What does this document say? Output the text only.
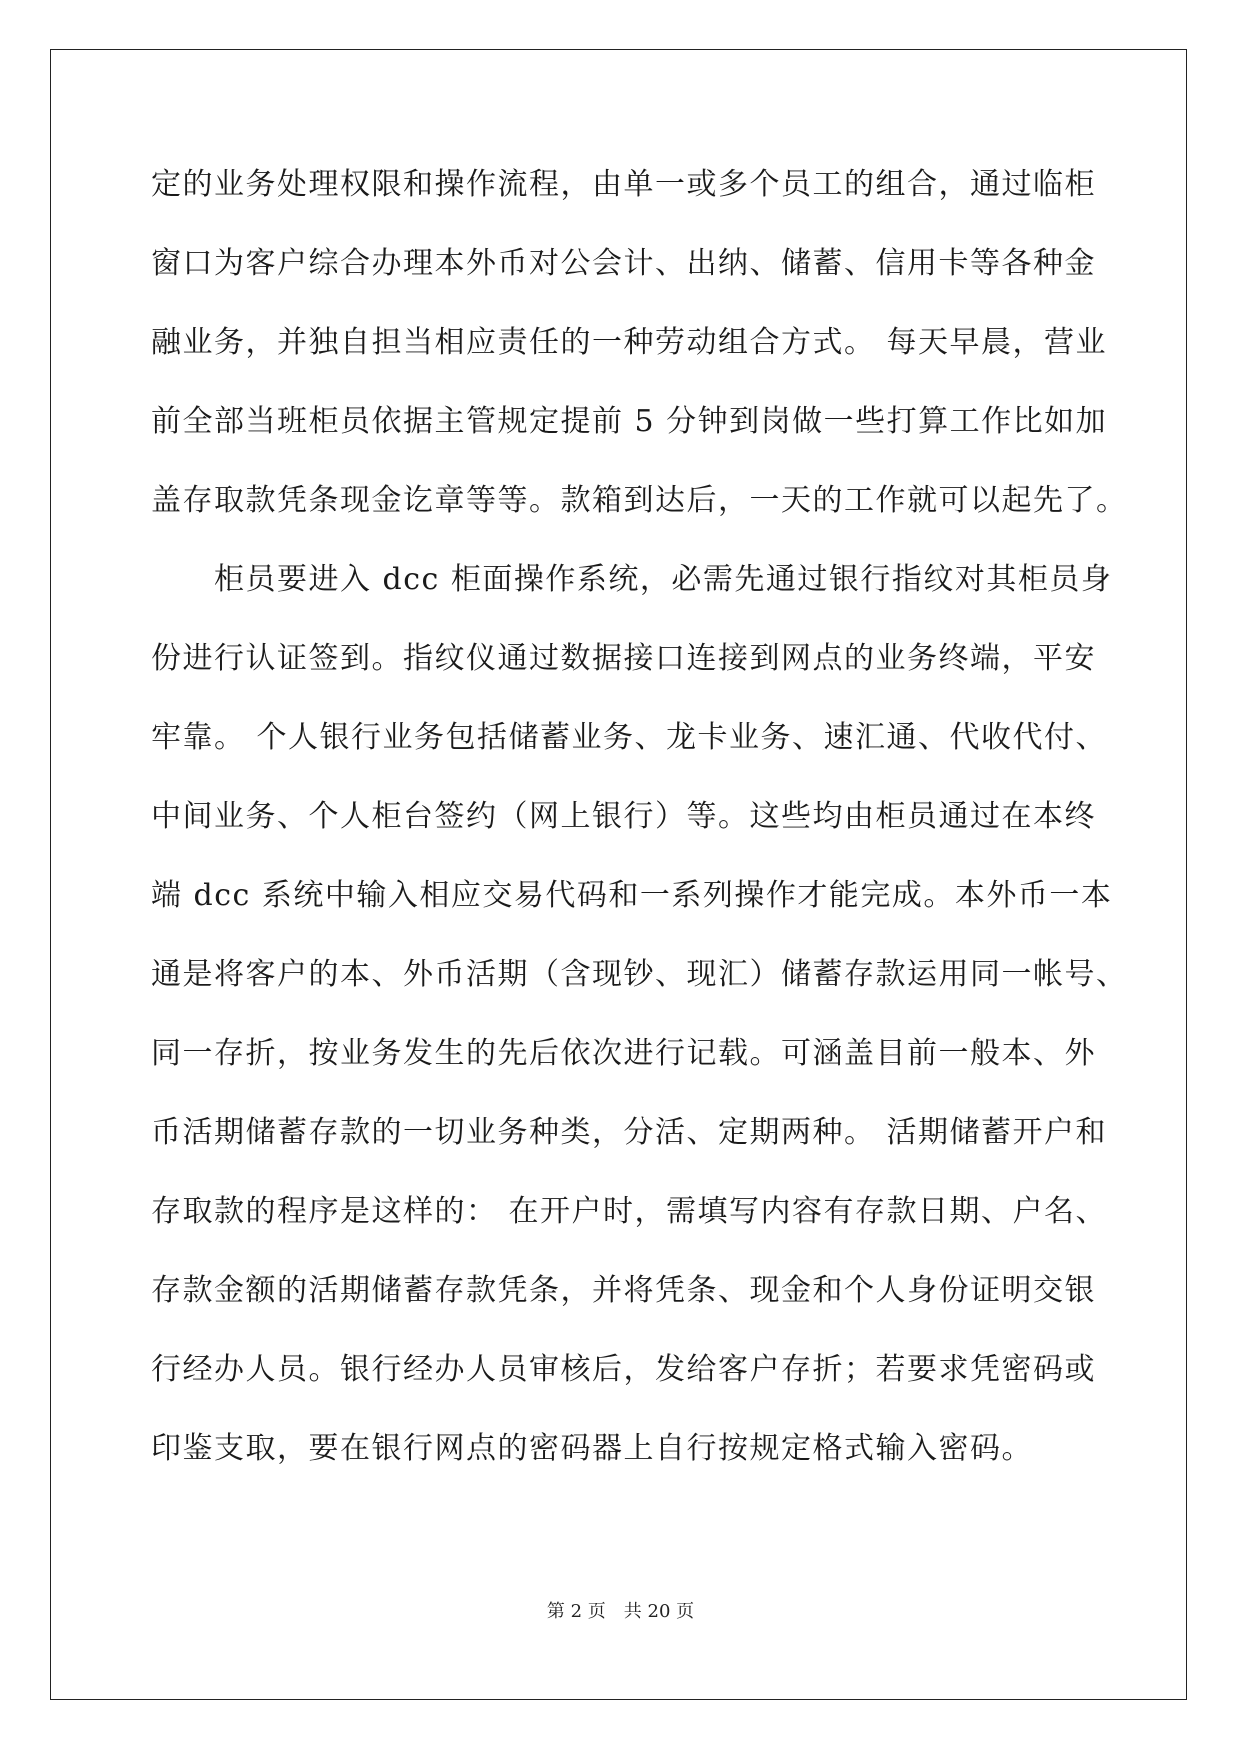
定的业务处理权限和操作流程，由单一或多个员工的组合，通过临柜
窗口为客户综合办理本外币对公会计、出纳、储蓄、信用卡等各种金
融业务，并独自担当相应责任的一种劳动组合方式。 每天早晨，营业
前全部当班柜员依据主管规定提前 5 分钟到岗做一些打算工作比如加
盖存取款凭条现金讫章等等。款箱到达后，一天的工作就可以起先了。
　　柜员要进入 dcc 柜面操作系统，必需先通过银行指纹对其柜员身
份进行认证签到。指纹仪通过数据接口连接到网点的业务终端，平安
牢靠。 个人银行业务包括储蓄业务、龙卡业务、速汇通、代收代付、
中间业务、个人柜台签约（网上银行）等。这些均由柜员通过在本终
端 dcc 系统中输入相应交易代码和一系列操作才能完成。本外币一本
通是将客户的本、外币活期（含现钞、现汇）储蓄存款运用同一帐号、
同一存折，按业务发生的先后依次进行记载。可涵盖目前一般本、外
币活期储蓄存款的一切业务种类，分活、定期两种。 活期储蓄开户和
存取款的程序是这样的： 在开户时，需填写内容有存款日期、户名、
存款金额的活期储蓄存款凭条，并将凭条、现金和个人身份证明交银
行经办人员。银行经办人员审核后，发给客户存折；若要求凭密码或
印鉴支取，要在银行网点的密码器上自行按规定格式输入密码。
第 2 页　共 20 页
